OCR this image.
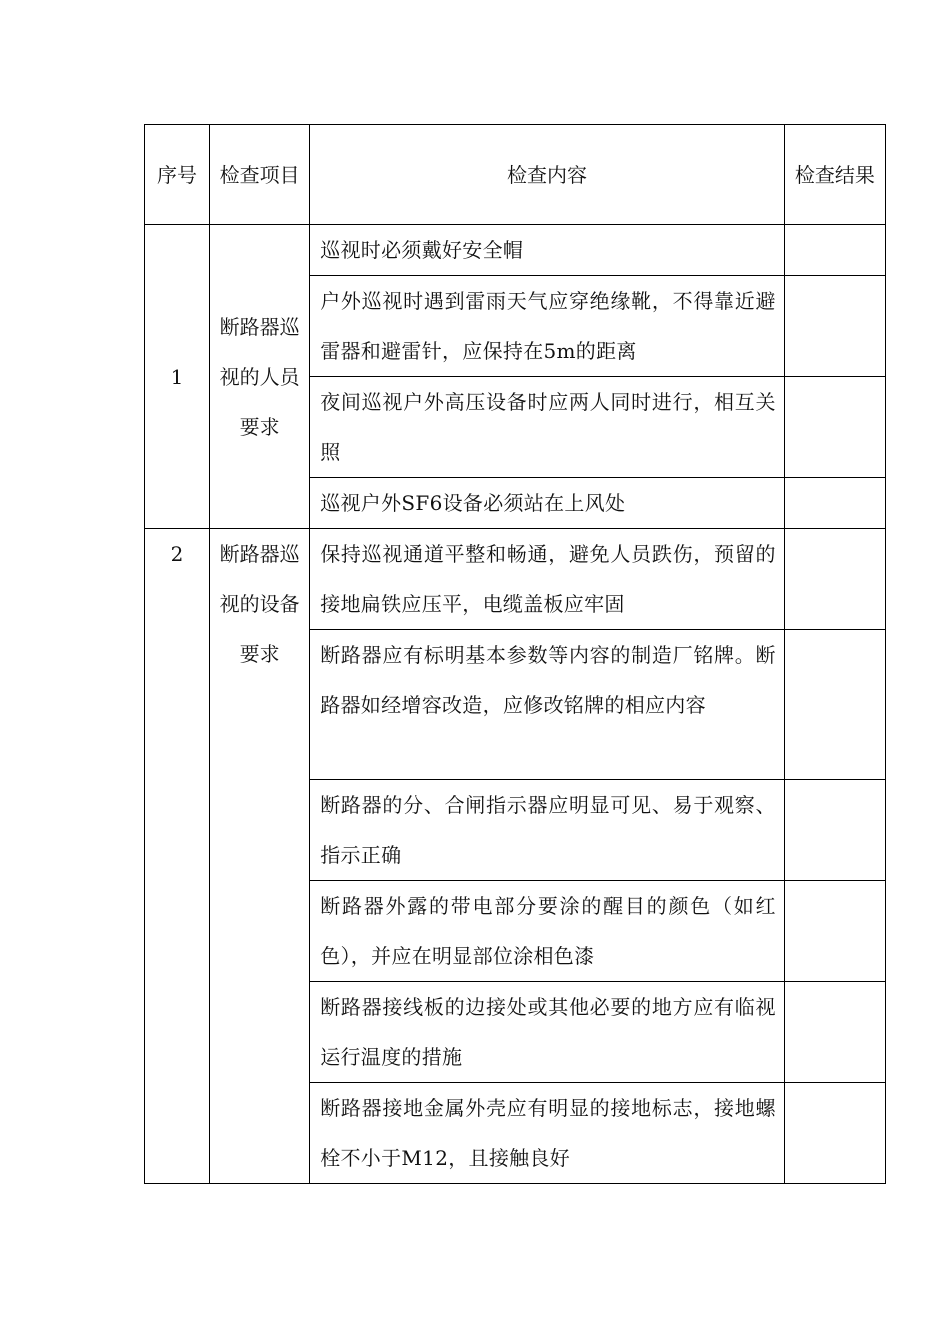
序号	检查项目	检查内容	检查结果
1	断路器巡视的人员要求	巡视时必须戴好安全帽	
		户外巡视时遇到雷雨天气应穿绝缘靴，不得靠近避雷器和避雷针，应保持在5m的距离	
		夜间巡视户外高压设备时应两人同时进行，相互关照	
		巡视户外SF6设备必须站在上风处	
2	断路器巡视的设备要求	保持巡视通道平整和畅通，避免人员跌伤，预留的接地扁铁应压平，电缆盖板应牢固	
		断路器应有标明基本参数等内容的制造厂铭牌。断路器如经增容改造，应修改铭牌的相应内容	
		断路器的分、合闸指示器应明显可见、易于观察、指示正确	
		断路器外露的带电部分要涂的醒目的颜色（如红色），并应在明显部位涂相色漆	
		断路器接线板的边接处或其他必要的地方应有临视运行温度的措施	
		断路器接地金属外壳应有明显的接地标志，接地螺栓不小于M12，且接触良好	
